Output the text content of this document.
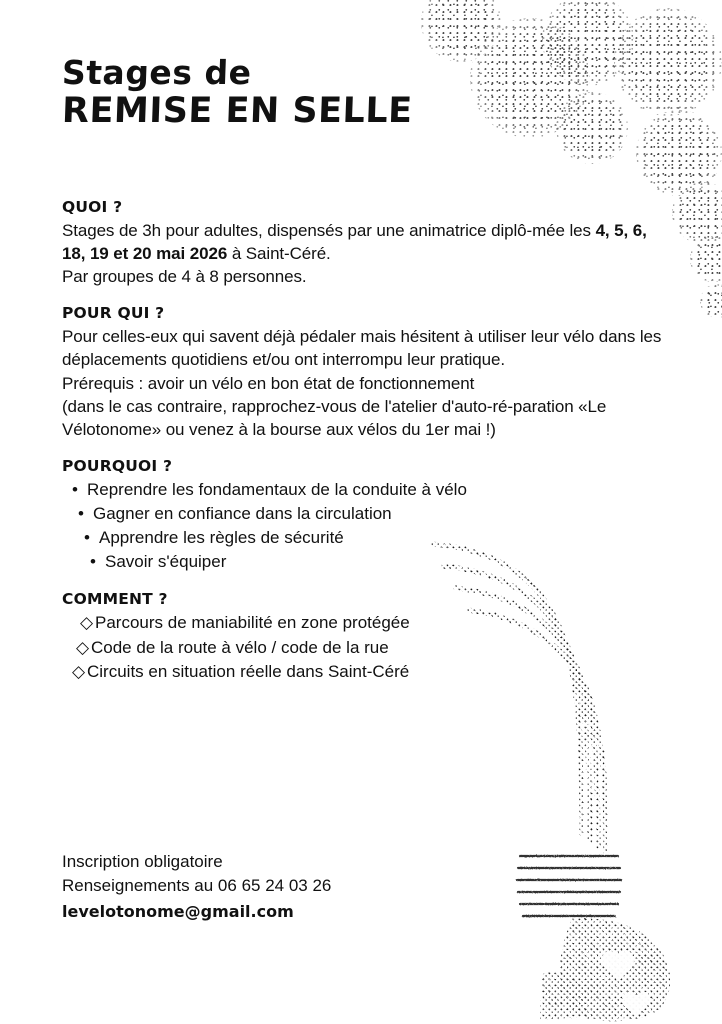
Stages de
REMISE EN SELLE
QUOI ?

Stages de 3h pour adultes, dispensés par une animatrice diplô-mée les 4, 5, 6, 18, 19 et 20 mai 2026 à Saint-Céré.

Par groupes de 4 à 8 personnes.

POUR QUI ?

Pour celles-eux qui savent déjà pédaler mais hésitent à utiliser leur vélo dans les déplacements quotidiens et/ou ont interrompu leur pratique.

Prérequis : avoir un vélo en bon état de fonctionnement

(dans le cas contraire, rapprochez-vous de l'atelier d'auto-ré-paration «Le Vélotonome» ou venez à la bourse aux vélos du 1er mai !)

POURQUOI ?
• Reprendre les fondamentaux de la conduite à vélo
• Gagner en confiance dans la circulation
• Apprendre les règles de sécurité
• Savoir s'équiper
COMMENT ?
◇ Parcours de maniabilité en zone protégée
◇ Code de la route à vélo / code de la rue
◇ Circuits en situation réelle dans Saint-Céré

Inscription obligatoire

Renseignements au 06 65 24 03 26

levelotonome@gmail.com
